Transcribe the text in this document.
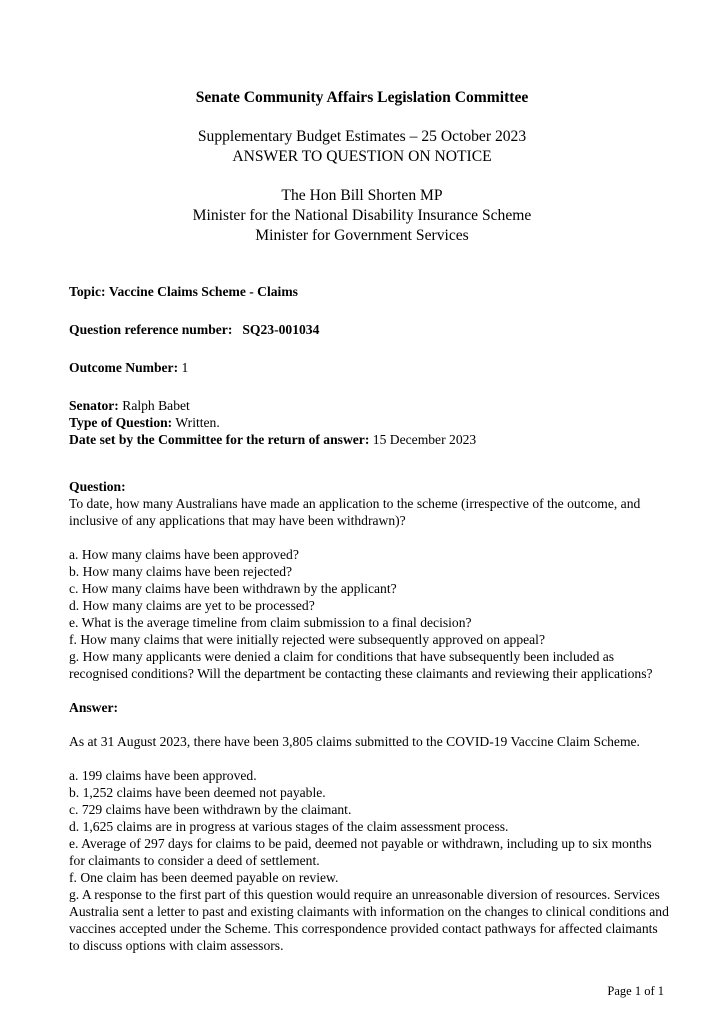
Senate Community Affairs Legislation Committee
Supplementary Budget Estimates – 25 October 2023
ANSWER TO QUESTION ON NOTICE
The Hon Bill Shorten MP
Minister for the National Disability Insurance Scheme
Minister for Government Services

Topic: Vaccine Claims Scheme - Claims

Question reference number: SQ23-001034

Outcome Number: 1

Senator: Ralph Babet

Type of Question: Written.

Date set by the Committee for the return of answer: 15 December 2023

Question:

To date, how many Australians have made an application to the scheme (irrespective of the outcome, and inclusive of any applications that may have been withdrawn)?

a. How many claims have been approved?

b. How many claims have been rejected?

c. How many claims have been withdrawn by the applicant?

d. How many claims are yet to be processed?

e. What is the average timeline from claim submission to a final decision?

f. How many claims that were initially rejected were subsequently approved on appeal?

g. How many applicants were denied a claim for conditions that have subsequently been included as recognised conditions? Will the department be contacting these claimants and reviewing their applications?

Answer:

As at 31 August 2023, there have been 3,805 claims submitted to the COVID-19 Vaccine Claim Scheme.

a. 199 claims have been approved.

b. 1,252 claims have been deemed not payable.

c. 729 claims have been withdrawn by the claimant.

d. 1,625 claims are in progress at various stages of the claim assessment process.

e. Average of 297 days for claims to be paid, deemed not payable or withdrawn, including up to six months for claimants to consider a deed of settlement.

f. One claim has been deemed payable on review.

g. A response to the first part of this question would require an unreasonable diversion of resources. Services Australia sent a letter to past and existing claimants with information on the changes to clinical conditions and vaccines accepted under the Scheme. This correspondence provided contact pathways for affected claimants to discuss options with claim assessors.

Page 1 of 1
